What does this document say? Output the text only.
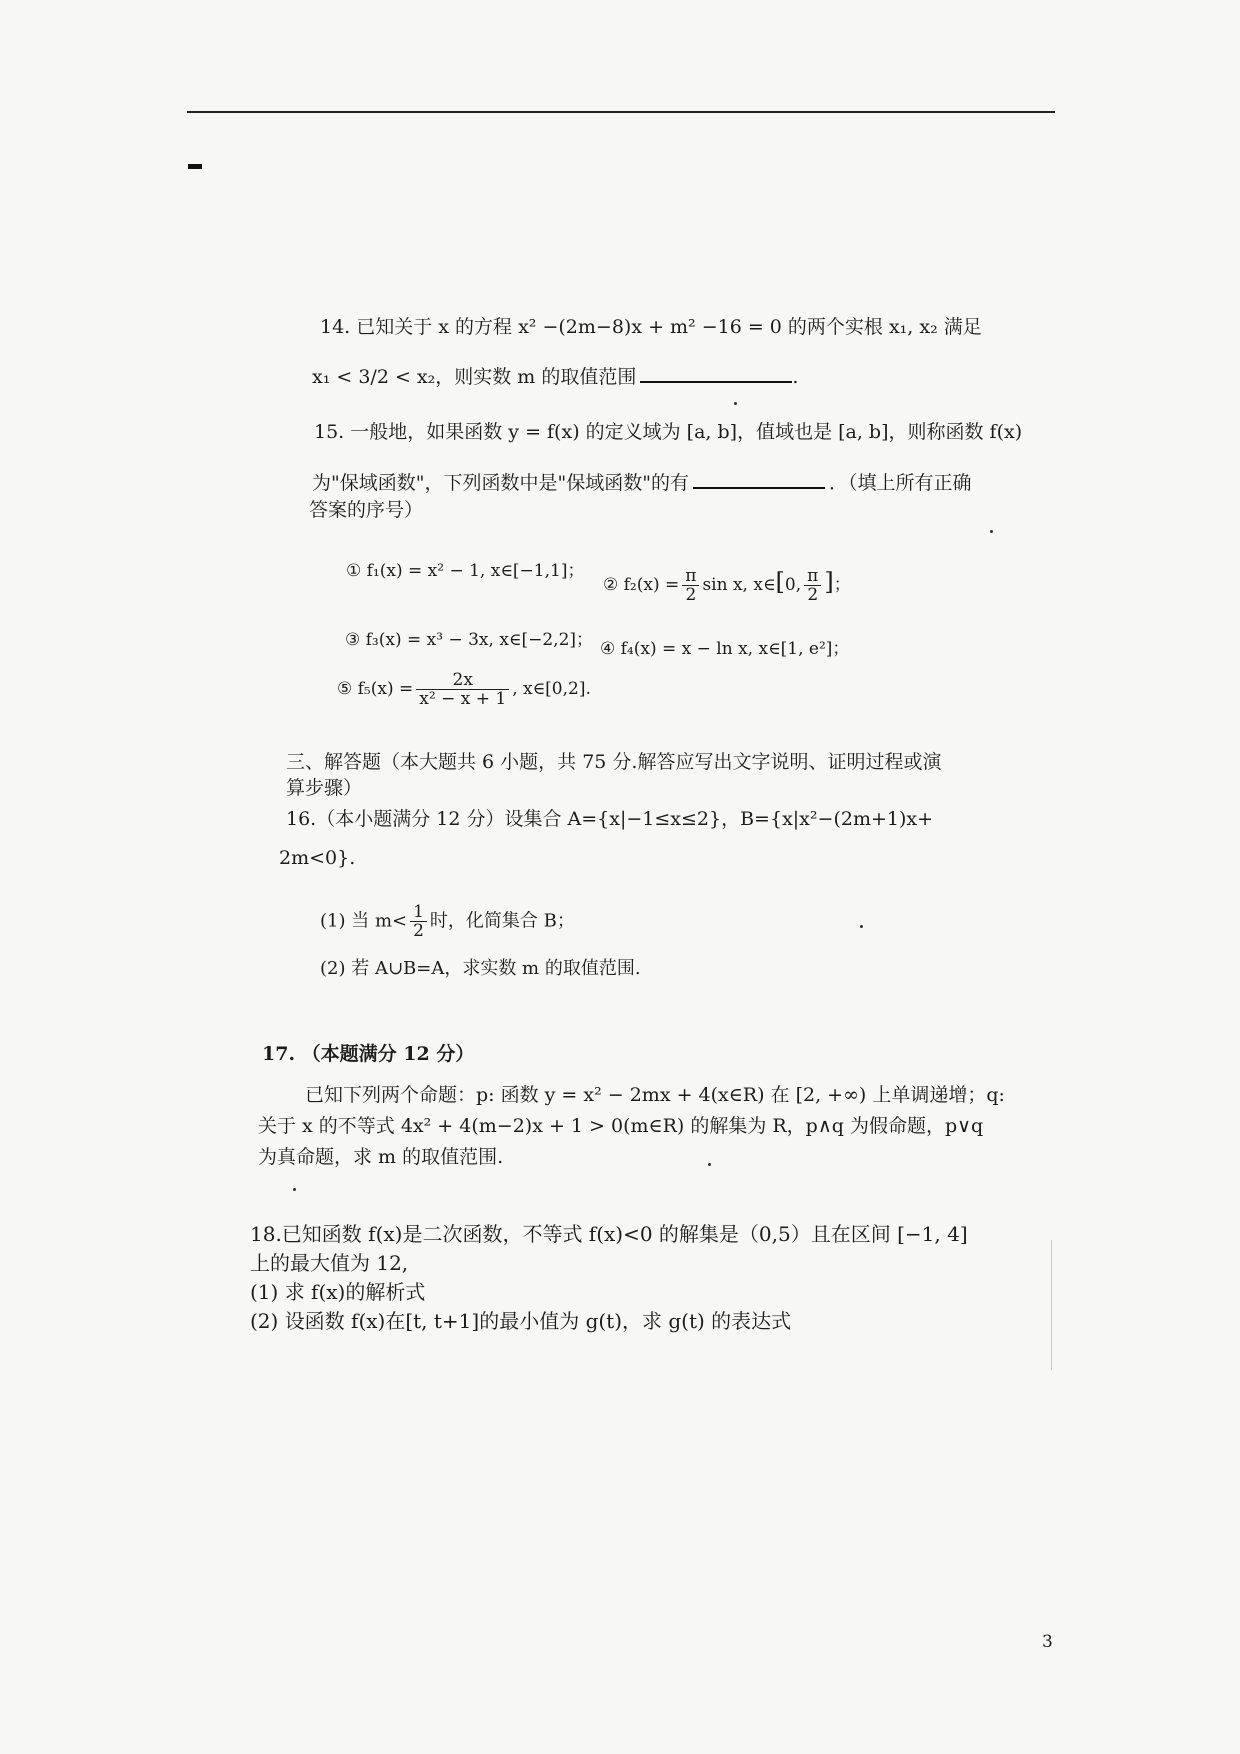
14. 已知关于 x 的方程 x² −(2m−8)x + m² −16 = 0 的两个实根 x₁, x₂ 满足
x₁ < 3/2 < x₂，则实数 m 的取值范围	.
15. 一般地，如果函数 y = f(x) 的定义域为 [a, b]，值域也是 [a, b]，则称函数 f(x)
为"保域函数"，下列函数中是"保域函数"的有	．（填上所有正确
答案的序号）
① f₁(x) = x² − 1, x∈[−1,1]；
② $f_2(x) = \frac{\pi}{2}$ sin x, x∈[0, $\frac{\pi}{2}$ ]；
③ f₃(x) = x³ − 3x, x∈[−2,2]； ④ f₄(x) = x − ln x, x∈[1, e²]；
⑤ $f_5(x) = \frac{2x}{\text{x² − x + 1}}$ , x∈[0,2].
三、解答题（本大题共 6 小题，共 75 分.解答应写出文字说明、证明过程或演
算步骤）
16.（本小题满分 12 分）设集合 A={x|−1≤x≤2}，B={x|x²−(2m+1)x+
2m<0}.
(1) 当 $m< \frac{1}{2}$ 时，化简集合 B；
(2) 若 A∪B=A，求实数 m 的取值范围.
17. （本题满分 12 分）
已知下列两个命题：p: 函数 y = x² − 2mx + 4(x∈R) 在 [2, +∞) 上单调递增；q:
关于 x 的不等式 4x² + 4(m−2)x + 1 > 0(m∈R) 的解集为 R，p∧q 为假命题，p∨q
为真命题，求 m 的取值范围.
18.已知函数 f(x)是二次函数，不等式 f(x)<0 的解集是（0,5）且在区间 [−1, 4]
上的最大值为 12,
(1) 求 f(x)的解析式
(2) 设函数 f(x)在[t, t+1]的最小值为 g(t)，求 g(t) 的表达式
3
